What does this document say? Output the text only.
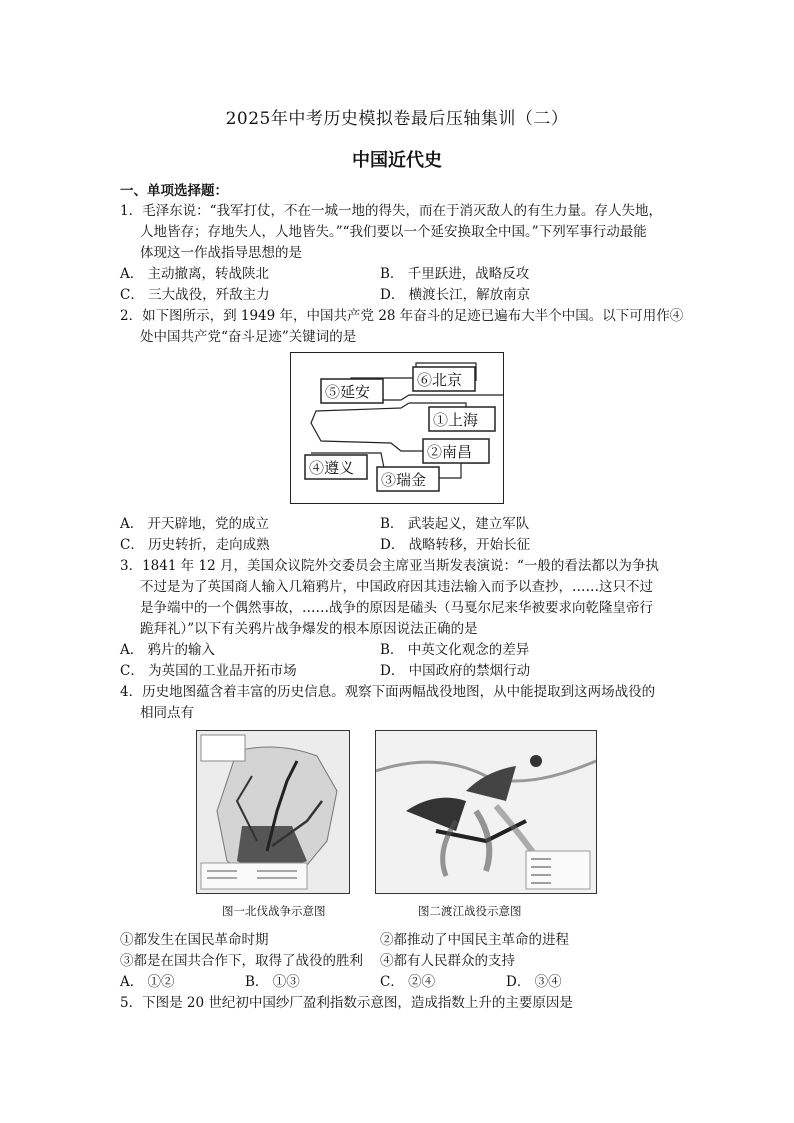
2025年中考历史模拟卷最后压轴集训（二）
中国近代史
一、单项选择题：
1．毛泽东说：“我军打仗，不在一城一地的得失，而在于消灭敌人的有生力量。存人失地，
人地皆存；存地失人，人地皆失。”“我们要以一个延安换取全中国。”下列军事行动最能
体现这一作战指导思想的是
A． 主动撤离，转战陕北	B． 千里跃进，战略反攻
C． 三大战役，歼敌主力	D． 横渡长江，解放南京
2．如下图所示，到 1949 年，中国共产党 28 年奋斗的足迹已遍布大半个中国。以下可用作④
处中国共产党“奋斗足迹”关键词的是
⑤延安
⑥北京
①上海
②南昌
④遵义
③瑞金
A． 开天辟地，党的成立	B． 武装起义，建立军队
C． 历史转折，走向成熟	D． 战略转移，开始长征
3．1841 年 12 月，美国众议院外交委员会主席亚当斯发表演说：“一般的看法都以为争执
不过是为了英国商人输入几箱鸦片，中国政府因其违法输入而予以查抄，……这只不过
是争端中的一个偶然事故，……战争的原因是磕头（马戛尔尼来华被要求向乾隆皇帝行
跪拜礼）”以下有关鸦片战争爆发的根本原因说法正确的是
A． 鸦片的输入	B． 中英文化观念的差异
C． 为英国的工业品开拓市场	D． 中国政府的禁烟行动
4．历史地图蕴含着丰富的历史信息。观察下面两幅战役地图，从中能提取到这两场战役的
相同点有
图一北伐战争示意图	图二渡江战役示意图
①都发生在国民革命时期	②都推动了中国民主革命的进程
③都是在国共合作下，取得了战役的胜利 ④都有人民群众的支持
A． ①②	B． ①③	C． ②④	D． ③④
5．下图是 20 世纪初中国纱厂盈利指数示意图，造成指数上升的主要原因是
